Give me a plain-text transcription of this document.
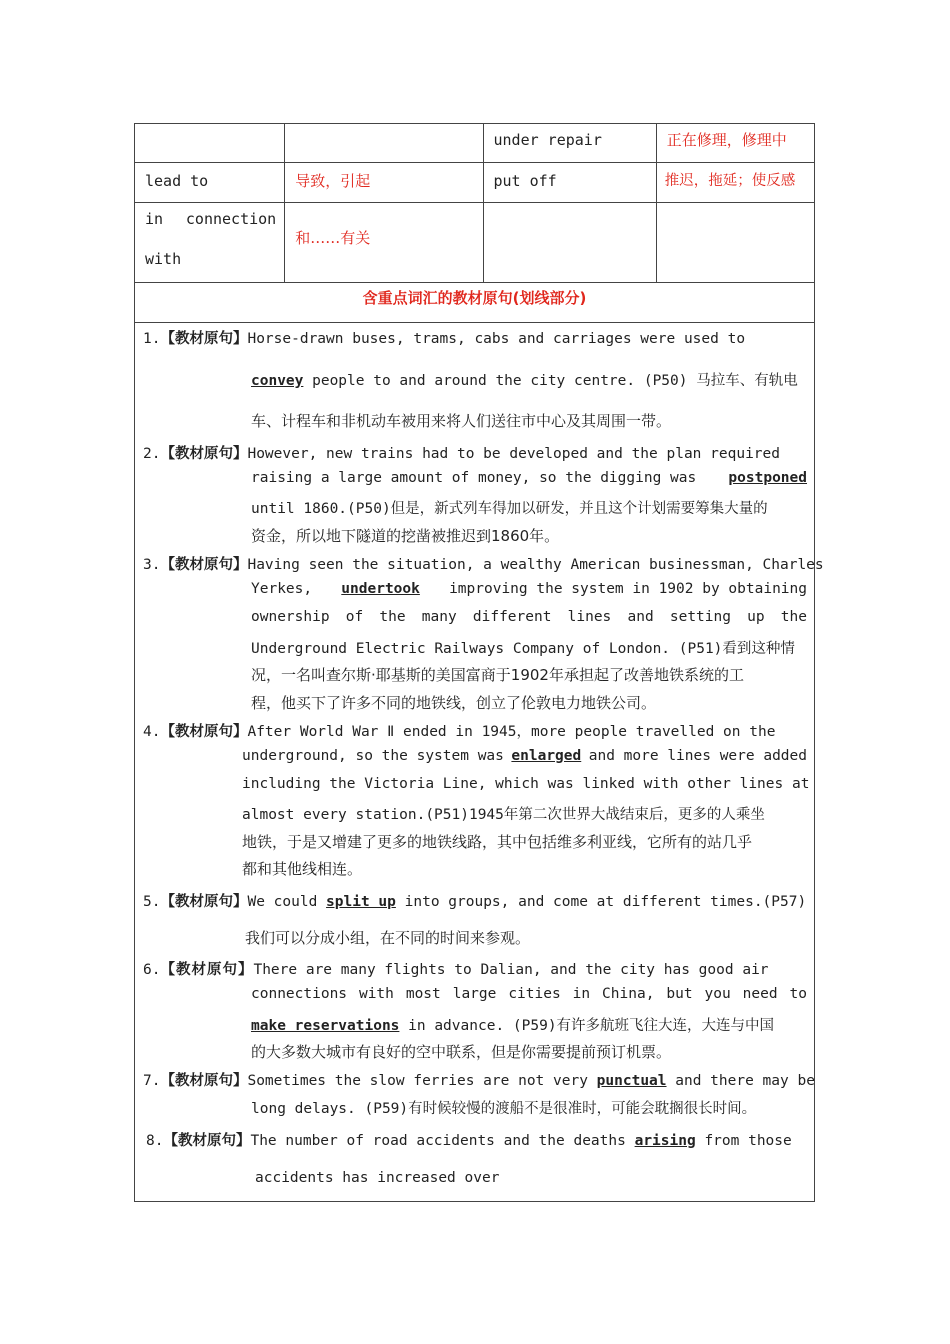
		under repair	正在修理，修理中

lead to	导致，引起	put off	推迟，拖延；使反感

in connection
with	和……有关		

含重点词汇的教材原句(划线部分)			

1.【教材原句】Horse-drawn buses, trams, cabs and carriages were used to
convey people to and around the city centre. (P50) 马拉车、有轨电
车、计程车和非机动车被用来将人们送往市中心及其周围一带。
2.【教材原句】However, new trains had to be developed and the plan required
raising a large amount of money, so the digging was postponed
until 1860.(P50)但是，新式列车得加以研发，并且这个计划需要筹集大量的
资金，所以地下隧道的挖凿被推迟到1860年。
3.【教材原句】Having seen the situation, a wealthy American businessman, Charles
Yerkes, undertook improving the system in 1902 by obtaining
ownership of the many different lines and setting up the
Underground Electric Railways Company of London. (P51)看到这种情
况，一名叫查尔斯·耶基斯的美国富商于1902年承担起了改善地铁系统的工
程，他买下了许多不同的地铁线，创立了伦敦电力地铁公司。
4.【教材原句】After World War Ⅱ ended in 1945，more people travelled on the
underground, so the system was enlarged and more lines were added
including the Victoria Line, which was linked with other lines at
almost every station.(P51)1945年第二次世界大战结束后，更多的人乘坐
地铁，于是又增建了更多的地铁线路，其中包括维多利亚线，它所有的站几乎
都和其他线相连。
5.【教材原句】We could split up into groups, and come at different times.(P57)
我们可以分成小组，在不同的时间来参观。
6.【教材原句】There are many flights to Dalian, and the city has good air
connections with most large cities in China, but you need to
make reservations in advance. (P59)有许多航班飞往大连，大连与中国
的大多数大城市有良好的空中联系，但是你需要提前预订机票。
7.【教材原句】Sometimes the slow ferries are not very punctual and there may be
long delays. (P59)有时候较慢的渡船不是很准时，可能会耽搁很长时间。
8.【教材原句】The number of road accidents and the deaths arising from those
accidents has increased over
